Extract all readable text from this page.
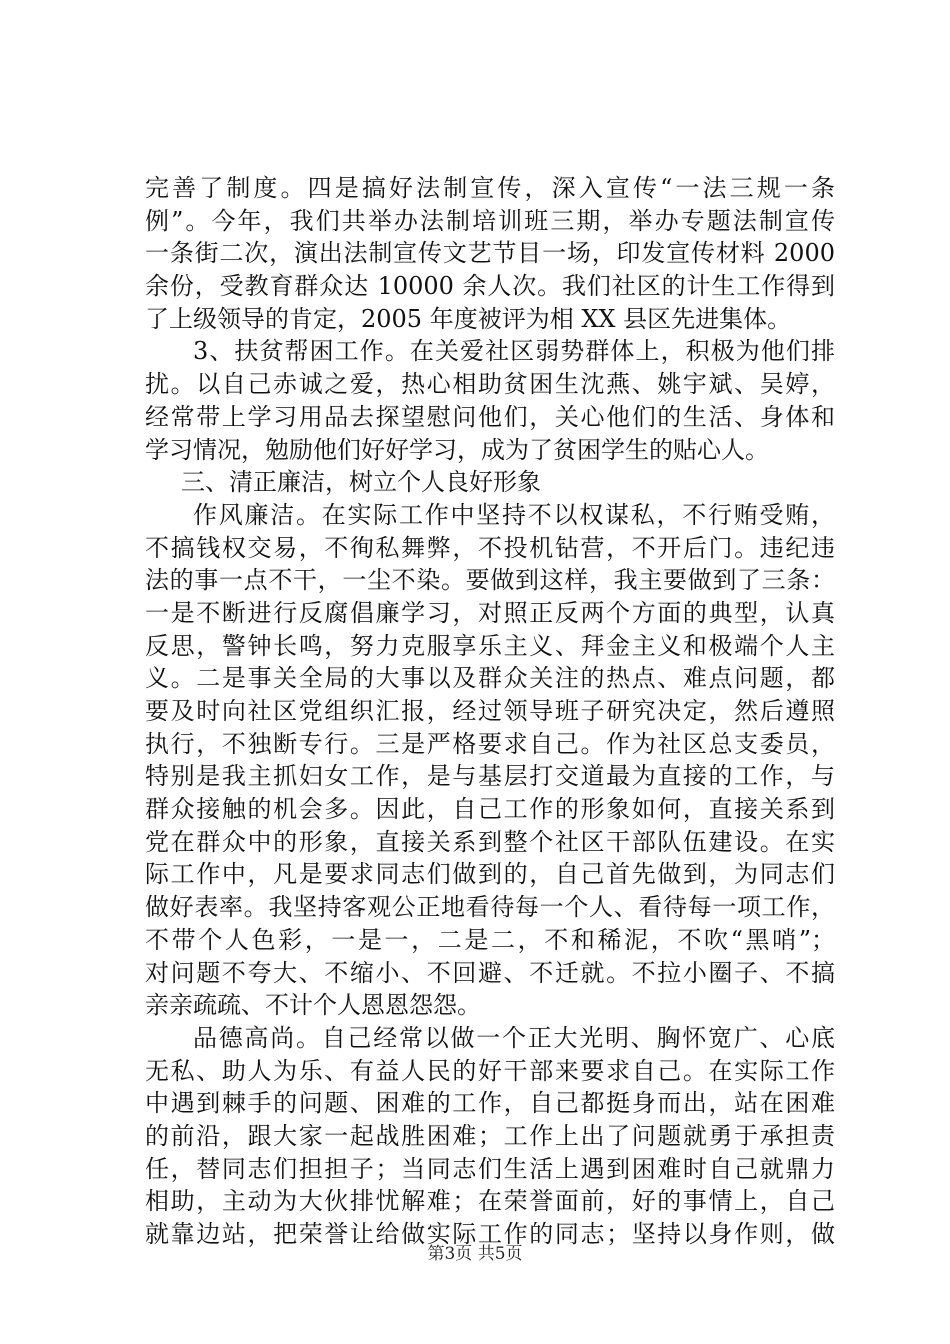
完善了制度。四是搞好法制宣传，深入宣传“一法三规一条
例”。今年，我们共举办法制培训班三期，举办专题法制宣传
一条街二次，演出法制宣传文艺节目一场，印发宣传材料 2000
余份，受教育群众达 10000 余人次。我们社区的计生工作得到
了上级领导的肯定，2005 年度被评为相 XX 县区先进集体。
3、扶贫帮困工作。在关爱社区弱势群体上，积极为他们排
扰。以自己赤诚之爱，热心相助贫困生沈燕、姚宇斌、吴婷，
经常带上学习用品去探望慰问他们，关心他们的生活、身体和
学习情况，勉励他们好好学习，成为了贫困学生的贴心人。
三、清正廉洁，树立个人良好形象
作风廉洁。在实际工作中坚持不以权谋私，不行贿受贿，
不搞钱权交易，不徇私舞弊，不投机钻营，不开后门。违纪违
法的事一点不干，一尘不染。要做到这样，我主要做到了三条：
一是不断进行反腐倡廉学习，对照正反两个方面的典型，认真
反思，警钟长鸣，努力克服享乐主义、拜金主义和极端个人主
义。二是事关全局的大事以及群众关注的热点、难点问题，都
要及时向社区党组织汇报，经过领导班子研究决定，然后遵照
执行，不独断专行。三是严格要求自己。作为社区总支委员，
特别是我主抓妇女工作，是与基层打交道最为直接的工作，与
群众接触的机会多。因此，自己工作的形象如何，直接关系到
党在群众中的形象，直接关系到整个社区干部队伍建设。在实
际工作中，凡是要求同志们做到的，自己首先做到，为同志们
做好表率。我坚持客观公正地看待每一个人、看待每一项工作，
不带个人色彩，一是一，二是二，不和稀泥，不吹“黑哨”；
对问题不夸大、不缩小、不回避、不迁就。不拉小圈子、不搞
亲亲疏疏、不计个人恩恩怨怨。
品德高尚。自己经常以做一个正大光明、胸怀宽广、心底
无私、助人为乐、有益人民的好干部来要求自己。在实际工作
中遇到棘手的问题、困难的工作，自己都挺身而出，站在困难
的前沿，跟大家一起战胜困难；工作上出了问题就勇于承担责
任，替同志们担担子；当同志们生活上遇到困难时自己就鼎力
相助，主动为大伙排忧解难；在荣誉面前，好的事情上，自己
就靠边站，把荣誉让给做实际工作的同志；坚持以身作则，做
第3页 共5页
